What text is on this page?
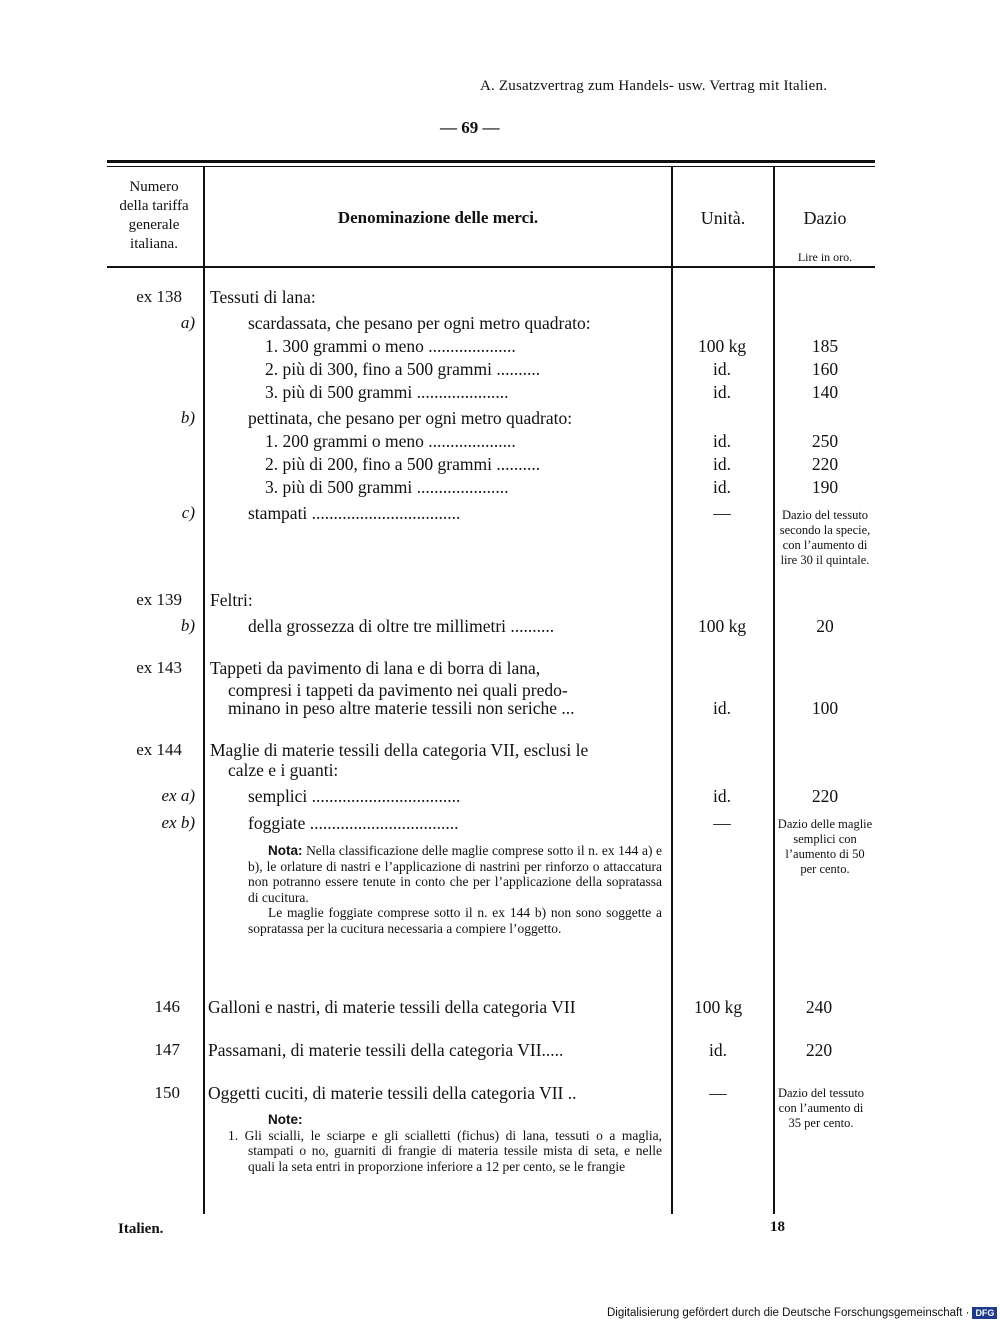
A. Zusatzvertrag zum Handels- usw. Vertrag mit Italien.
— 69 —
Numero
della tariffa
generale
italiana.
Denominazione delle merci.	Unità.	Dazio
Lire in oro.
ex 138 Tessuti di lana:
a)	scardassata, che pesano per ogni metro quadrato:
1. 300 grammi o meno ....................	100 kg	185
2. più di 300, fino a 500 grammi ..........	id.	160
3. più di 500 grammi .....................	id.	140
b)	pettinata, che pesano per ogni metro quadrato:
1. 200 grammi o meno ....................	id.	250
2. più di 200, fino a 500 grammi ..........	id.	220
3. più di 500 grammi .....................	id.	190
c)	stampati ..................................	—	Dazio del tessuto secondo la specie, con l’aumento di lire 30 il quintale.
ex 139 Feltri:
b)	della grossezza di oltre tre millimetri ..........	100 kg	20
ex 143 Tappeti da pavimento di lana e di borra di lana,
compresi i tappeti da pavimento nei quali predo-
minano in peso altre materie tessili non seriche ...	id.	100
ex 144 Maglie di materie tessili della categoria VII, esclusi le
calze e i guanti:
ex a)	semplici ..................................	id.	220
ex b)	foggiate ..................................	—	Dazio delle maglie semplici con l’aumento di 50 per cento.
Nota: Nella classificazione delle maglie comprese sotto il n. ex 144 a) e b), le orlature di nastri e l’applicazione di nastrini per rinforzo o attaccatura non potranno essere tenute in conto che per l’applicazione della sopratassa di cucitura.
Le maglie foggiate comprese sotto il n. ex 144 b) non sono soggette a sopratassa per la cucitura necessaria a compiere l’oggetto.
146 Galloni e nastri, di materie tessili della categoria VII	100 kg	240
147 Passamani, di materie tessili della categoria VII.....	id.	220
150 Oggetti cuciti, di materie tessili della categoria VII ..	—	Dazio del tessuto con l’aumento di 35 per cento.
Note:
1. Gli scialli, le sciarpe e gli scialletti (fichus) di lana, tessuti o a maglia, stampati o no, guarniti di frangie di materia tessile mista di seta, e nelle quali la seta entri in proporzione inferiore a 12 per cento, se le frangie
Italien.	18
Digitalisierung gefördert durch die Deutsche Forschungsgemeinschaft · DFG
